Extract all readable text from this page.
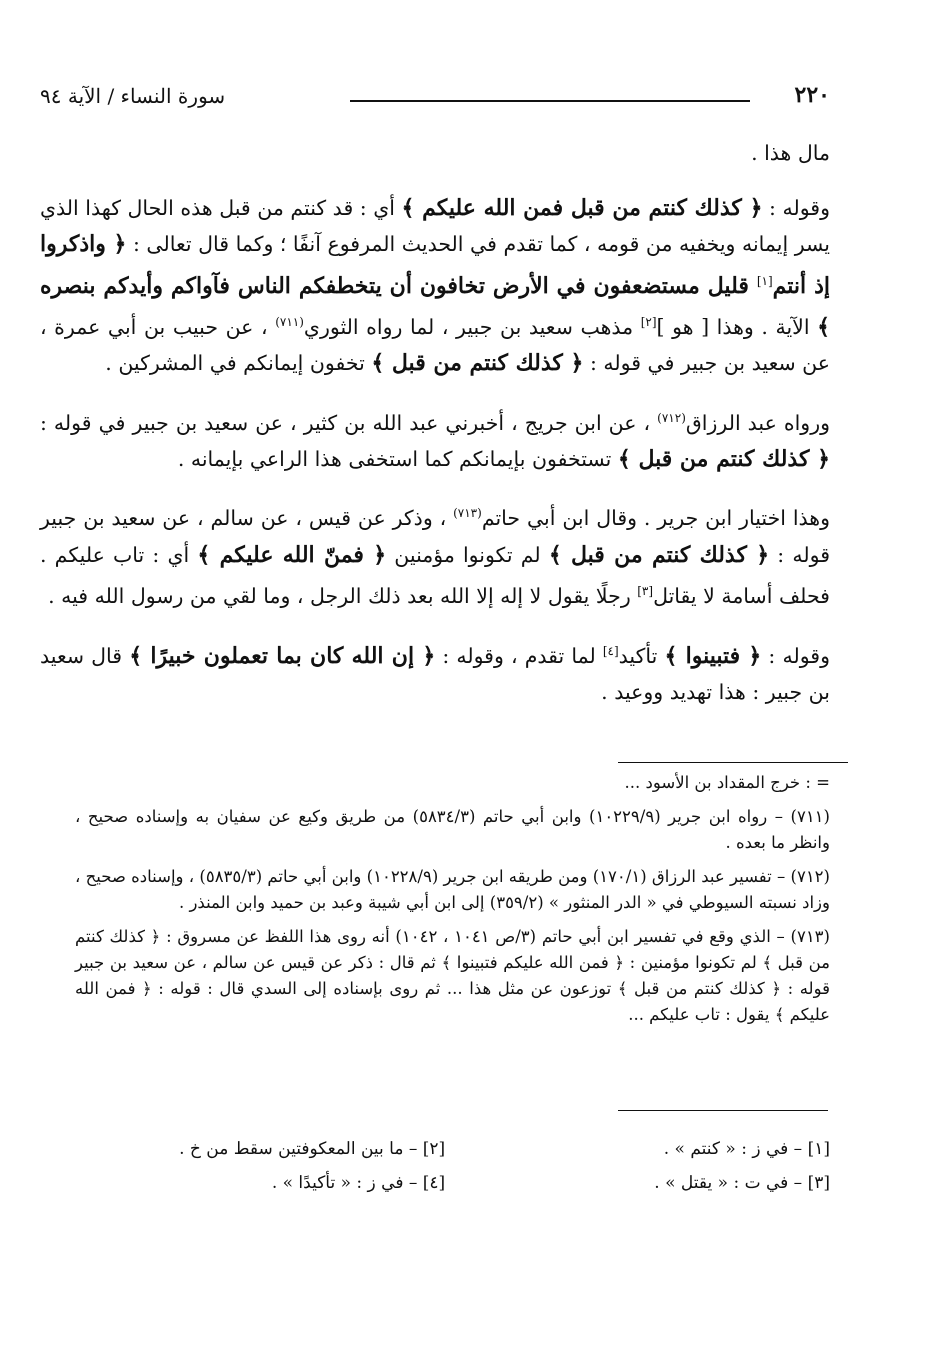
٢٢٠
سورة النساء / الآية ٩٤

مال هذا .

وقوله : ﴿ كذلك كنتم من قبل فمن الله عليكم ﴾ أي : قد كنتم من قبل هذه الحال كهذا الذي يسر إيمانه ويخفيه من قومه ، كما تقدم في الحديث المرفوع آنفًا ؛ وكما قال تعالى : ﴿ واذكروا إذ أنتم[١] قليل مستضعفون في الأرض تخافون أن يتخطفكم الناس فآواكم وأيدكم بنصره ﴾ الآية . وهذا [ هو ][٢] مذهب سعيد بن جبير ، لما رواه الثوري$^{(٧١١)}$ ، عن حبيب بن أبي عمرة ، عن سعيد بن جبير في قوله : ﴿ كذلك كنتم من قبل ﴾ تخفون إيمانكم في المشركين .

ورواه عبد الرزاق$^{(٧١٢)}$ ، عن ابن جريج ، أخبرني عبد الله بن كثير ، عن سعيد بن جبير في قوله : ﴿ كذلك كنتم من قبل ﴾ تستخفون بإيمانكم كما استخفى هذا الراعي بإيمانه .

وهذا اختيار ابن جرير . وقال ابن أبي حاتم$^{(٧١٣)}$ ، وذكر عن قيس ، عن سالم ، عن سعيد بن جبير قوله : ﴿ كذلك كنتم من قبل ﴾ لم تكونوا مؤمنين ﴿ فمنّ الله عليكم ﴾ أي : تاب عليكم . فحلف أسامة لا يقاتل[٣] رجلًا يقول لا إله إلا الله بعد ذلك الرجل ، وما لقي من رسول الله فيه .

وقوله : ﴿ فتبينوا ﴾ تأكيد[٤] لما تقدم ، وقوله : ﴿ إن الله كان بما تعملون خبيرًا ﴾ قال سعيد بن جبير : هذا تهديد ووعيد .

= : خرج المقداد بن الأسود ...

(٧١١) – رواه ابن جرير (١٠٢٢٩/٩) وابن أبي حاتم (٥٨٣٤/٣) من طريق وكيع عن سفيان به وإسناده صحيح ، وانظر ما بعده .

(٧١٢) – تفسير عبد الرزاق (١٧٠/١) ومن طريقه ابن جرير (١٠٢٢٨/٩) وابن أبي حاتم (٥٨٣٥/٣) ، وإسناده صحيح ، وزاد نسبته السيوطي في « الدر المنثور » (٣٥٩/٢) إلى ابن أبي شيبة وعبد بن حميد وابن المنذر .

(٧١٣) – الذي وقع في تفسير ابن أبي حاتم (٣/ص ١٠٤١ ، ١٠٤٢) أنه روى هذا اللفظ عن مسروق : ﴿ كذلك كنتم من قبل ﴾ لم تكونوا مؤمنين : ﴿ فمن الله عليكم فتبينوا ﴾ ثم قال : ذكر عن قيس عن سالم ، عن سعيد بن جبير قوله : ﴿ كذلك كنتم من قبل ﴾ توزعون عن مثل هذا ... ثم روى بإسناده إلى السدي قال : قوله : ﴿ فمن الله عليكم ﴾ يقول : تاب عليكم ...

[١] – في ز : « كنتم » .
[٢] – ما بين المعكوفتين سقط من خ .
[٣] – في ت : « يقتل » .
[٤] – في ز : « تأكيدًا » .
